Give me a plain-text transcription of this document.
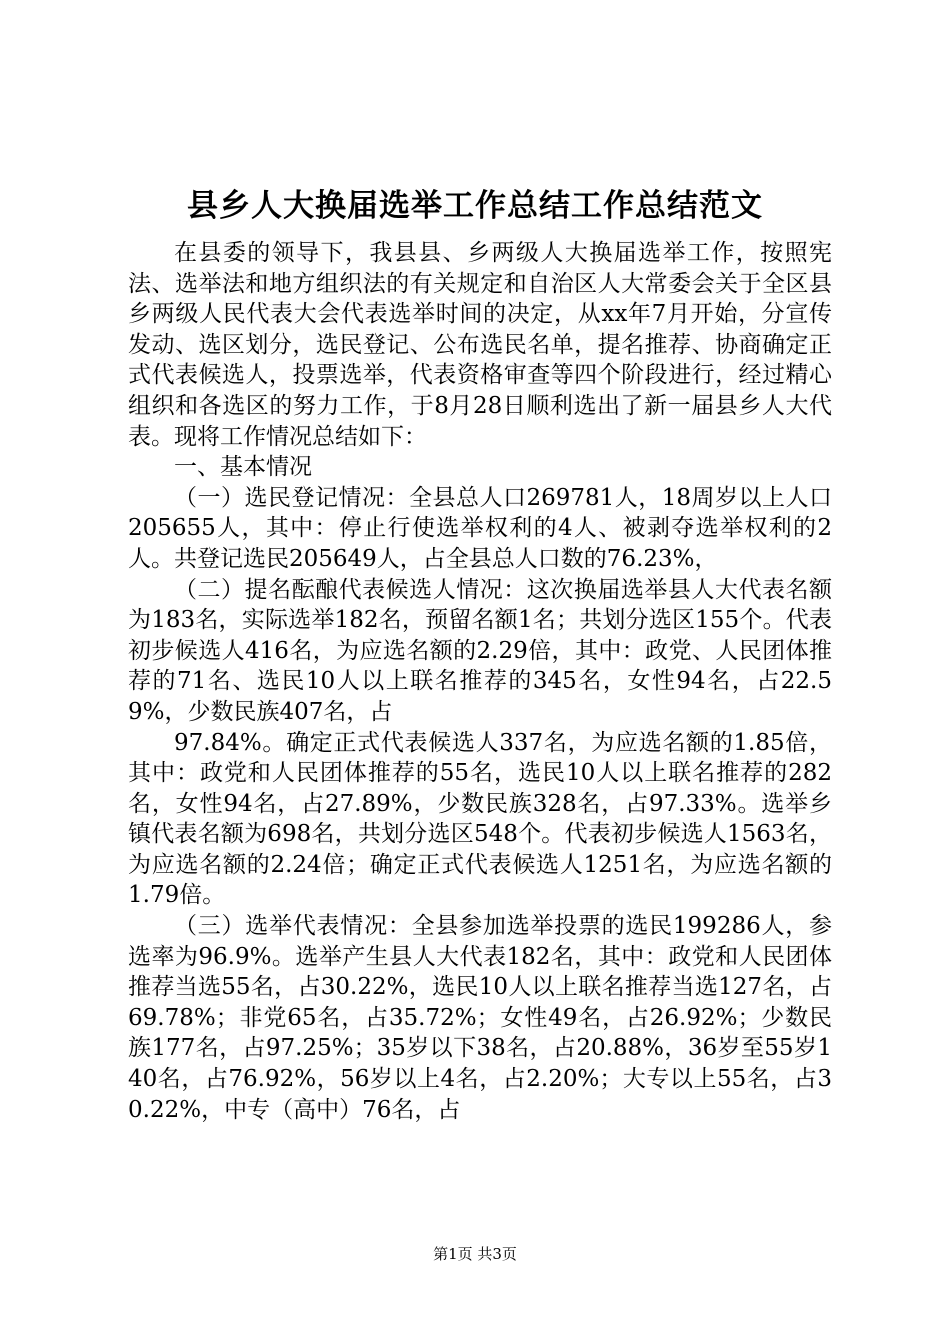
县乡人大换届选举工作总结工作总结范文

在县委的领导下，我县县、乡两级人大换届选举工作，按照宪法、选举法和地方组织法的有关规定和自治区人大常委会关于全区县乡两级人民代表大会代表选举时间的决定，从xx年7月开始，分宣传发动、选区划分，选民登记、公布选民名单，提名推荐、协商确定正式代表候选人，投票选举，代表资格审查等四个阶段进行，经过精心组织和各选区的努力工作，于8月28日顺利选出了新一届县乡人大代表。现将工作情况总结如下：

一、基本情况

（一）选民登记情况：全县总人口269781人，18周岁以上人口205655人，其中：停止行使选举权利的4人、被剥夺选举权利的2人。共登记选民205649人，占全县总人口数的76.23%，

（二）提名酝酿代表候选人情况：这次换届选举县人大代表名额为183名，实际选举182名，预留名额1名；共划分选区155个。代表初步候选人416名，为应选名额的2.29倍，其中：政党、人民团体推荐的71名、选民10人以上联名推荐的345名，女性94名，占22.59%，少数民族407名，占

97.84%。确定正式代表候选人337名，为应选名额的1.85倍，其中：政党和人民团体推荐的55名，选民10人以上联名推荐的282名，女性94名，占27.89%，少数民族328名，占97.33%。选举乡镇代表名额为698名，共划分选区548个。代表初步候选人1563名，为应选名额的2.24倍；确定正式代表候选人1251名，为应选名额的1.79倍。

（三）选举代表情况：全县参加选举投票的选民199286人，参选率为96.9%。选举产生县人大代表182名，其中：政党和人民团体推荐当选55名，占30.22%，选民10人以上联名推荐当选127名，占69.78%；非党65名，占35.72%；女性49名，占26.92%；少数民族177名，占97.25%；35岁以下38名，占20.88%，36岁至55岁140名，占76.92%，56岁以上4名，占2.20%；大专以上55名，占30.22%，中专（高中）76名，占

第1页 共3页
